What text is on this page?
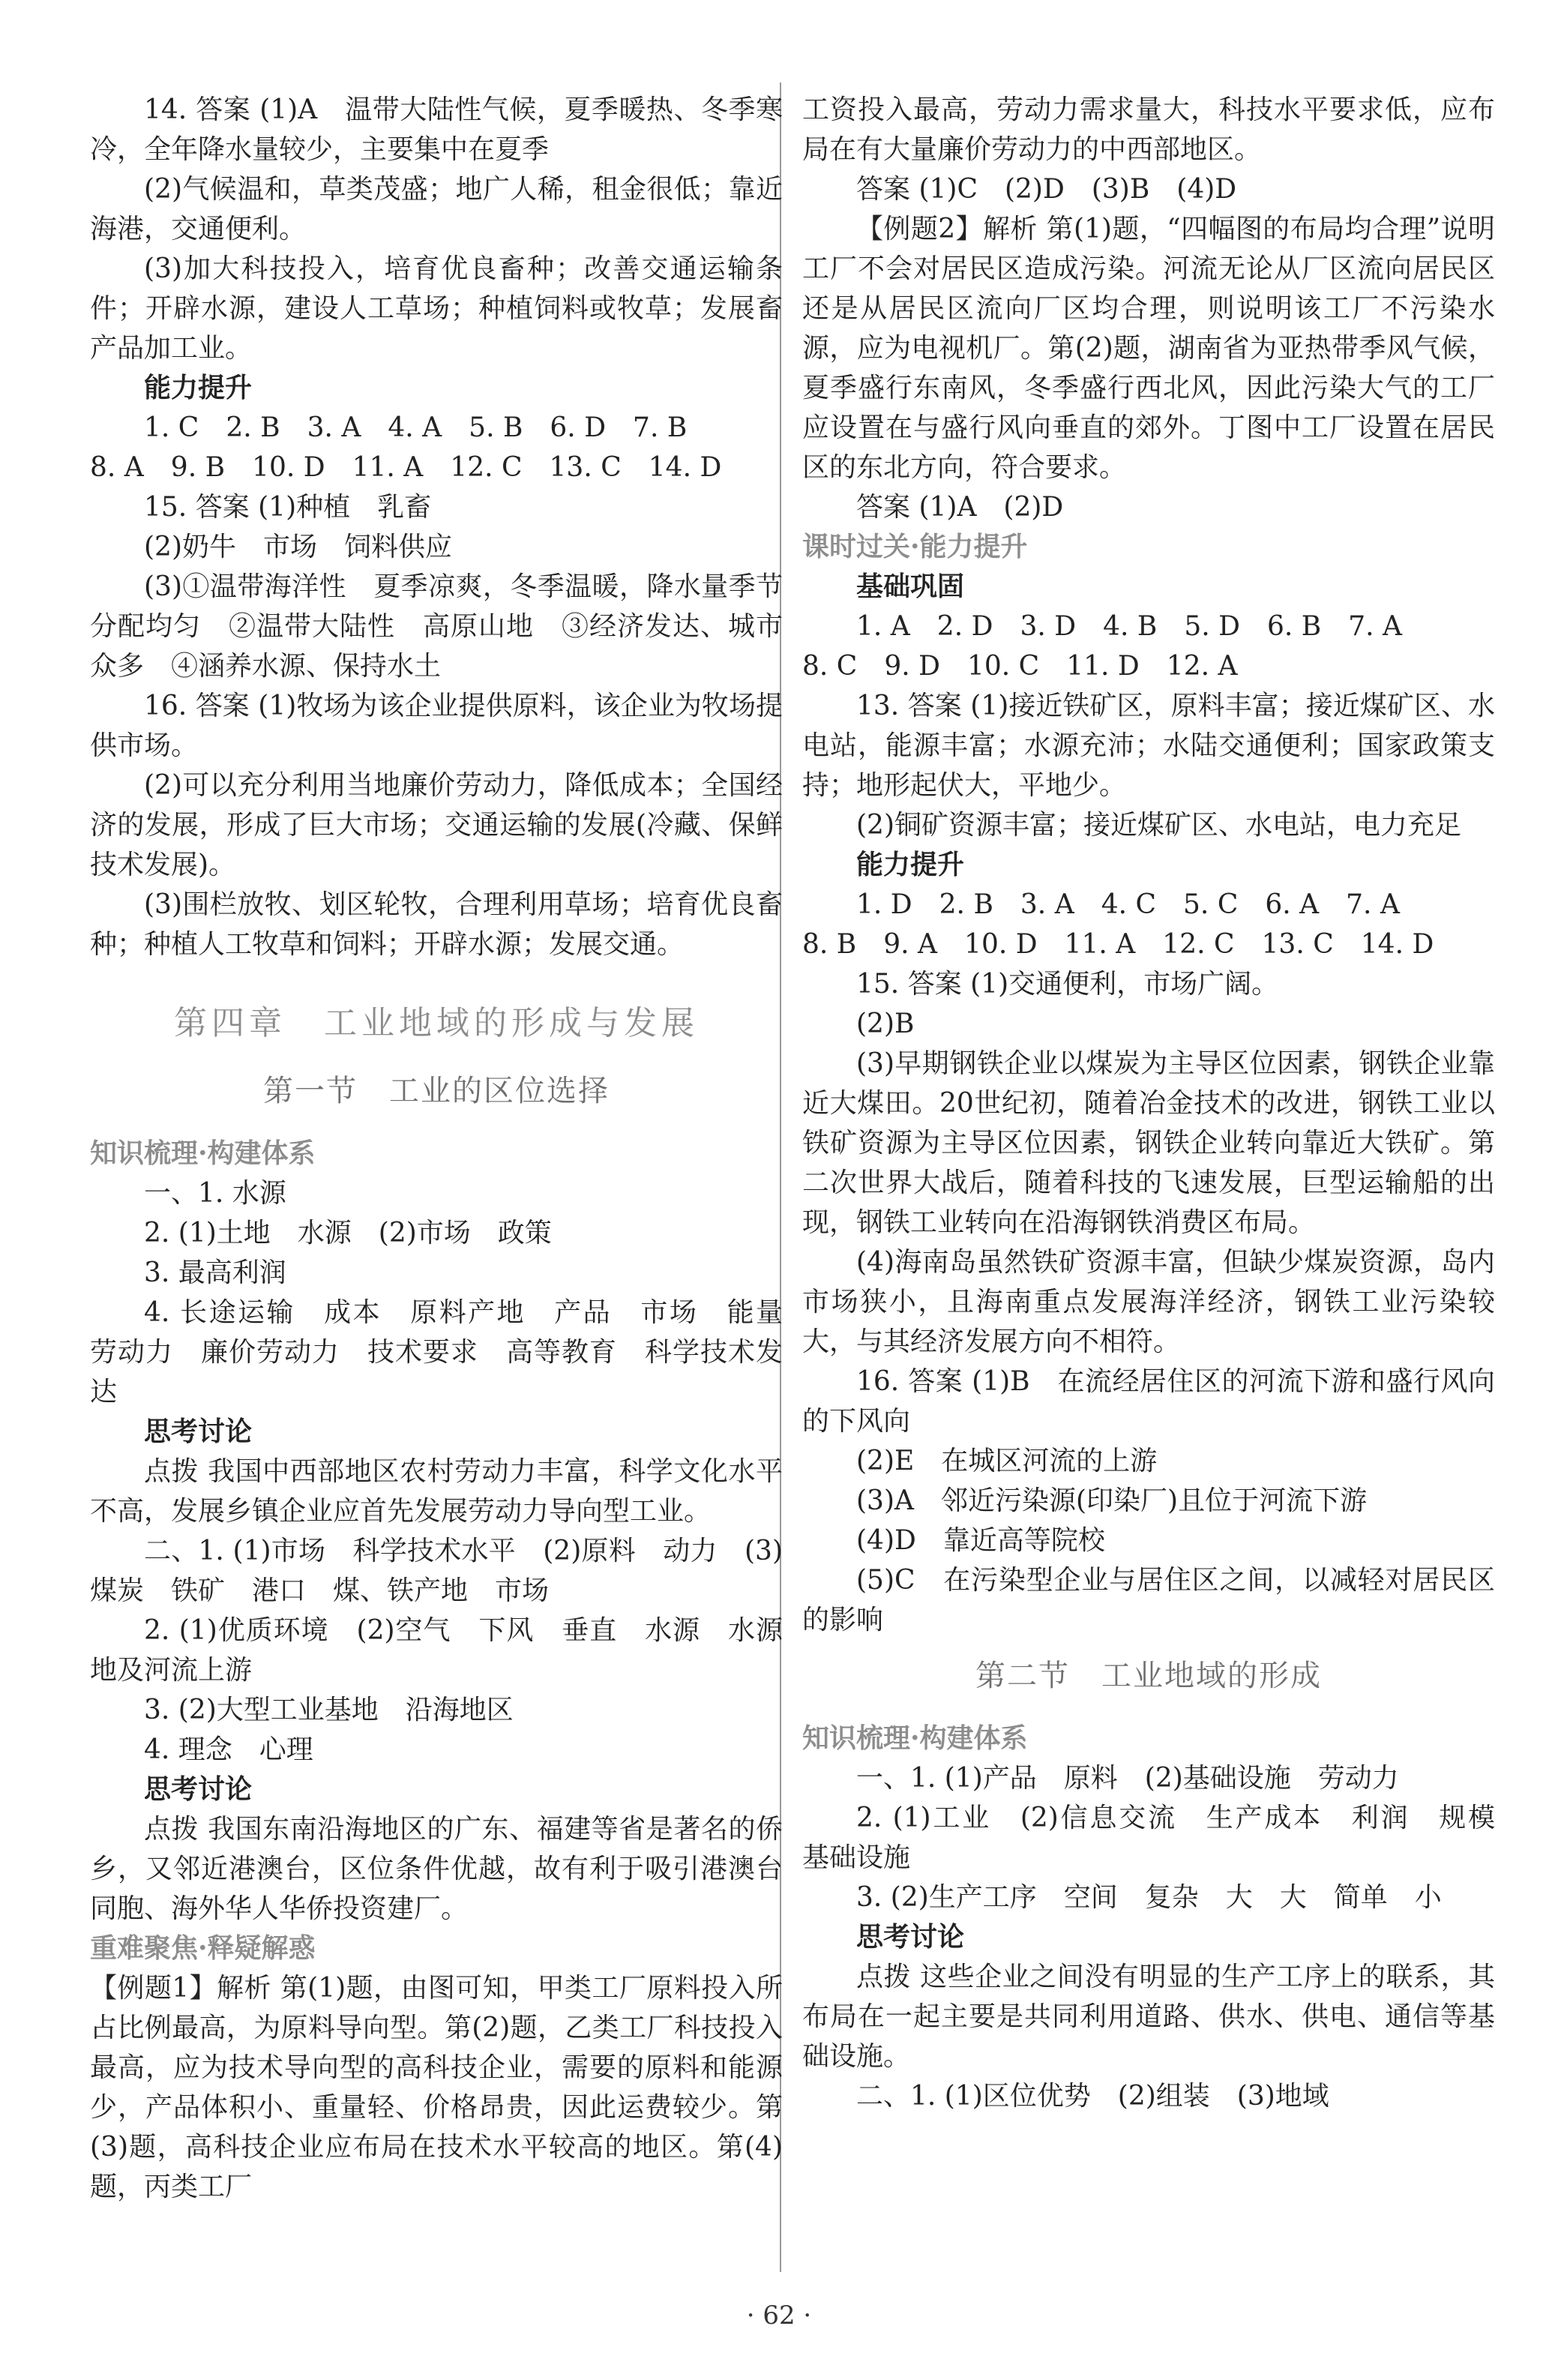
14. 答案 (1)A　温带大陆性气候，夏季暖热、冬季寒冷，全年降水量较少，主要集中在夏季

(2)气候温和，草类茂盛；地广人稀，租金很低；靠近海港，交通便利。

(3)加大科技投入，培育优良畜种；改善交通运输条件；开辟水源，建设人工草场；种植饲料或牧草；发展畜产品加工业。

能力提升

1. C　2. B　3. A　4. A　5. B　6. D　7. B

8. A　9. B　10. D　11. A　12. C　13. C　14. D

15. 答案 (1)种植　乳畜

(2)奶牛　市场　饲料供应

(3)①温带海洋性　夏季凉爽，冬季温暖，降水量季节分配均匀　②温带大陆性　高原山地　③经济发达、城市众多　④涵养水源、保持水土

16. 答案 (1)牧场为该企业提供原料，该企业为牧场提供市场。

(2)可以充分利用当地廉价劳动力，降低成本；全国经济的发展，形成了巨大市场；交通运输的发展(冷藏、保鲜技术发展)。

(3)围栏放牧、划区轮牧，合理利用草场；培育优良畜种；种植人工牧草和饲料；开辟水源；发展交通。

第四章　工业地域的形成与发展

第一节　工业的区位选择

知识梳理·构建体系

一、1. 水源

2. (1)土地　水源　(2)市场　政策

3. 最高利润

4. 长途运输　成本　原料产地　产品　市场　能量　劳动力　廉价劳动力　技术要求　高等教育　科学技术发达

思考讨论

点拨 我国中西部地区农村劳动力丰富，科学文化水平不高，发展乡镇企业应首先发展劳动力导向型工业。

二、1. (1)市场　科学技术水平　(2)原料　动力　(3)煤炭　铁矿　港口　煤、铁产地　市场

2. (1)优质环境　(2)空气　下风　垂直　水源　水源地及河流上游

3. (2)大型工业基地　沿海地区

4. 理念　心理

思考讨论

点拨 我国东南沿海地区的广东、福建等省是著名的侨乡，又邻近港澳台，区位条件优越，故有利于吸引港澳台同胞、海外华人华侨投资建厂。

重难聚焦·释疑解惑

【例题1】解析 第(1)题，由图可知，甲类工厂原料投入所占比例最高，为原料导向型。第(2)题，乙类工厂科技投入最高，应为技术导向型的高科技企业，需要的原料和能源少，产品体积小、重量轻、价格昂贵，因此运费较少。第(3)题，高科技企业应布局在技术水平较高的地区。第(4)题，丙类工厂

工资投入最高，劳动力需求量大，科技水平要求低，应布局在有大量廉价劳动力的中西部地区。

答案 (1)C　(2)D　(3)B　(4)D

【例题2】解析 第(1)题，“四幅图的布局均合理”说明工厂不会对居民区造成污染。河流无论从厂区流向居民区还是从居民区流向厂区均合理，则说明该工厂不污染水源，应为电视机厂。第(2)题，湖南省为亚热带季风气候，夏季盛行东南风，冬季盛行西北风，因此污染大气的工厂应设置在与盛行风向垂直的郊外。丁图中工厂设置在居民区的东北方向，符合要求。

答案 (1)A　(2)D

课时过关·能力提升

基础巩固

1. A　2. D　3. D　4. B　5. D　6. B　7. A

8. C　9. D　10. C　11. D　12. A

13. 答案 (1)接近铁矿区，原料丰富；接近煤矿区、水电站，能源丰富；水源充沛；水陆交通便利；国家政策支持；地形起伏大，平地少。

(2)铜矿资源丰富；接近煤矿区、水电站，电力充足

能力提升

1. D　2. B　3. A　4. C　5. C　6. A　7. A

8. B　9. A　10. D　11. A　12. C　13. C　14. D

15. 答案 (1)交通便利，市场广阔。

(2)B

(3)早期钢铁企业以煤炭为主导区位因素，钢铁企业靠近大煤田。20世纪初，随着冶金技术的改进，钢铁工业以铁矿资源为主导区位因素，钢铁企业转向靠近大铁矿。第二次世界大战后，随着科技的飞速发展，巨型运输船的出现，钢铁工业转向在沿海钢铁消费区布局。

(4)海南岛虽然铁矿资源丰富，但缺少煤炭资源，岛内市场狭小，且海南重点发展海洋经济，钢铁工业污染较大，与其经济发展方向不相符。

16. 答案 (1)B　在流经居住区的河流下游和盛行风向的下风向

(2)E　在城区河流的上游

(3)A　邻近污染源(印染厂)且位于河流下游

(4)D　靠近高等院校

(5)C　在污染型企业与居住区之间，以减轻对居民区的影响

第二节　工业地域的形成

知识梳理·构建体系

一、1. (1)产品　原料　(2)基础设施　劳动力

2. (1)工业　(2)信息交流　生产成本　利润　规模　基础设施

3. (2)生产工序　空间　复杂　大　大　简单　小

思考讨论

点拨 这些企业之间没有明显的生产工序上的联系，其布局在一起主要是共同利用道路、供水、供电、通信等基础设施。

二、1. (1)区位优势　(2)组装　(3)地域

· 62 ·
